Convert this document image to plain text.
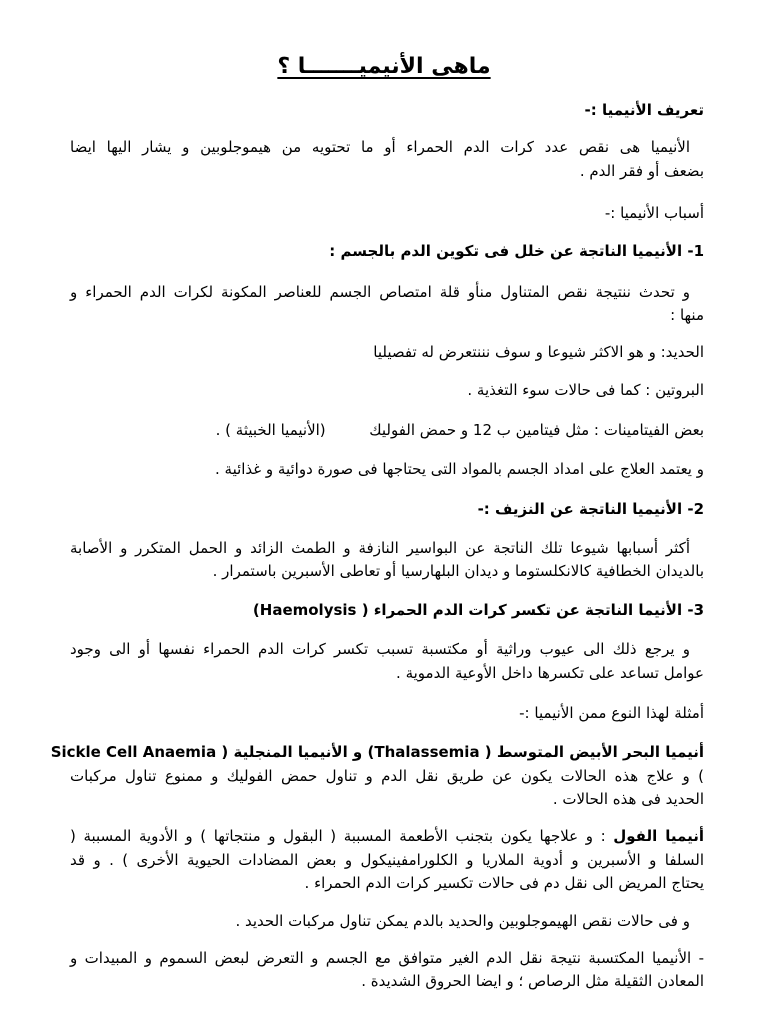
ماهى الأنيميـــــــا ؟
تعريف الأنيميا :-
الأنيميا هى نقص عدد كرات الدم الحمراء أو ما تحتويه من هيموجلوبين و يشار اليها ايضا
بضعف أو فقر الدم .
أسباب الأنيميا :-
1- الأنيميا الناتجة عن خلل فى تكوين الدم بالجسم :
و تحدث ننتيجة نقص المتناول منأو قلة امتصاص الجسم للعناصر المكونة لكرات الدم الحمراء و
منها :
الحديد: و هو الاكثر شيوعا و سوف نننتعرض له تفصيليا
البروتين : كما فى حالات سوء التغذية .
بعض الفيتامينات : مثل فيتامين ب 12 و حمض الفوليك  (الأنيميا الخبيثة ) .
و يعتمد العلاج على امداد الجسم بالمواد التى يحتاجها فى صورة دوائية و غذائية .
2- الأنيميا الناتجة عن النزيف :-
أكثر أسبابها شيوعا تلك الناتجة عن البواسير النازفة و الطمث الزائد و الحمل المتكرر و الأصابة
بالديدان الخطافية كالانكلستوما و ديدان البلهارسيا أو تعاطى الأسبرين باستمرار .
3- الأنيما الناتجة عن تكسر كرات الدم الحمراء ( Haemolysis)
و يرجع ذلك الى عيوب وراثية أو مكتسبة تسبب تكسر كرات الدم الحمراء نفسها أو الى وجود
عوامل تساعد على تكسرها داخل الأوعية الدموية .
أمثلة لهذا النوع ممن الأنيميا :-
أنيميا البحر الأبيض المتوسط ( Thalassemia) و الأنيميا المنجلية ( Sickle Cell Anaemia
) و علاج هذه الحالات يكون عن طريق نقل الدم و تناول حمض الفوليك و ممنوع تناول مركبات
الحديد فى هذه الحالات .
أنيميا الفول : و علاجها يكون بتجنب الأطعمة المسببة ( البقول و منتجاتها ) و الأدوية المسببة (
السلفا و الأسبرين و أدوية الملاريا و الكلورامفينيكول و بعض المضادات الحيوية الأخرى ) . و قد
يحتاج المريض الى نقل دم فى حالات تكسير كرات الدم الحمراء .
و فى حالات نقص الهيموجلوبين والحديد بالدم يمكن تناول مركبات الحديد .
- الأنيميا المكتسبة نتيجة نقل الدم الغير متوافق مع الجسم و التعرض لبعض السموم و المبيدات و
المعادن الثقيلة مثل الرصاص ؛ و ايضا الحروق الشديدة .
